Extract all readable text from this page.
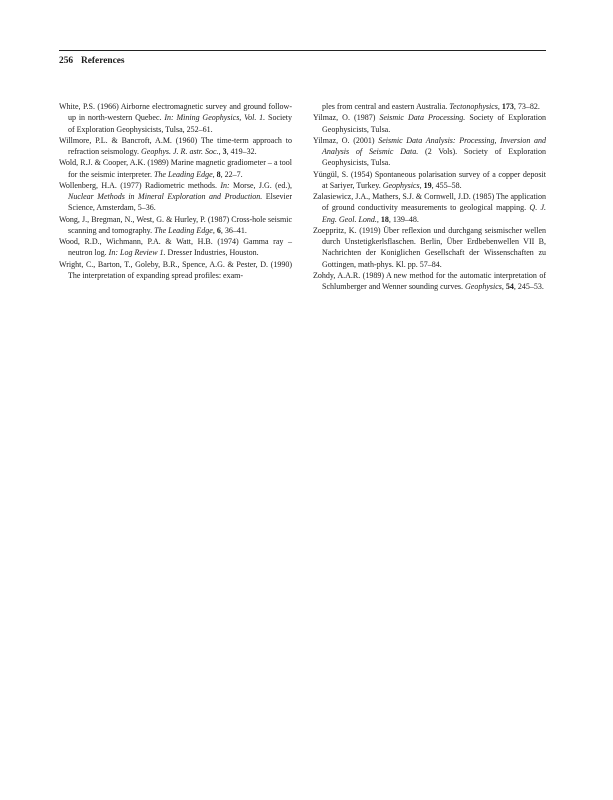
256 References

White, P.S. (1966) Airborne electromagnetic survey and ground follow-up in north-western Quebec. In: Mining Geophysics, Vol. 1. Society of Exploration Geophysicists, Tulsa, 252–61.

Willmore, P.L. & Bancroft, A.M. (1960) The time-term approach to refraction seismology. Geophys. J. R. astr. Soc., 3, 419–32.

Wold, R.J. & Cooper, A.K. (1989) Marine magnetic gradiometer – a tool for the seismic interpreter. The Leading Edge, 8, 22–7.

Wollenberg, H.A. (1977) Radiometric methods. In: Morse, J.G. (ed.), Nuclear Methods in Mineral Exploration and Production. Elsevier Science, Amsterdam, 5–36.

Wong, J., Bregman, N., West, G. & Hurley, P. (1987) Cross-hole seismic scanning and tomography. The Leading Edge, 6, 36–41.

Wood, R.D., Wichmann, P.A. & Watt, H.B. (1974) Gamma ray – neutron log. In: Log Review 1. Dresser Industries, Houston.

Wright, C., Barton, T., Goleby, B.R., Spence, A.G. & Pester, D. (1990) The interpretation of expanding spread profiles: exam-

ples from central and eastern Australia. Tectonophysics, 173, 73–82.

Yilmaz, O. (1987) Seismic Data Processing. Society of Exploration Geophysicists, Tulsa.

Yilmaz, O. (2001) Seismic Data Analysis: Processing, Inversion and Analysis of Seismic Data. (2 Vols). Society of Exploration Geophysicists, Tulsa.

Yüngül, S. (1954) Spontaneous polarisation survey of a copper deposit at Sariyer, Turkey. Geophysics, 19, 455–58.

Zalasiewicz, J.A., Mathers, S.J. & Cornwell, J.D. (1985) The application of ground conductivity measurements to geological mapping. Q. J. Eng. Geol. Lond., 18, 139–48.

Zoeppritz, K. (1919) Über reflexion und durchgang seismischer wellen durch Unstetigkerlsflaschen. Berlin, Über Erdbebenwellen VII B, Nachrichten der Koniglichen Gesellschaft der Wissenschaften zu Gottingen, math-phys. Kl. pp. 57–84.

Zohdy, A.A.R. (1989) A new method for the automatic interpretation of Schlumberger and Wenner sounding curves. Geophysics, 54, 245–53.
